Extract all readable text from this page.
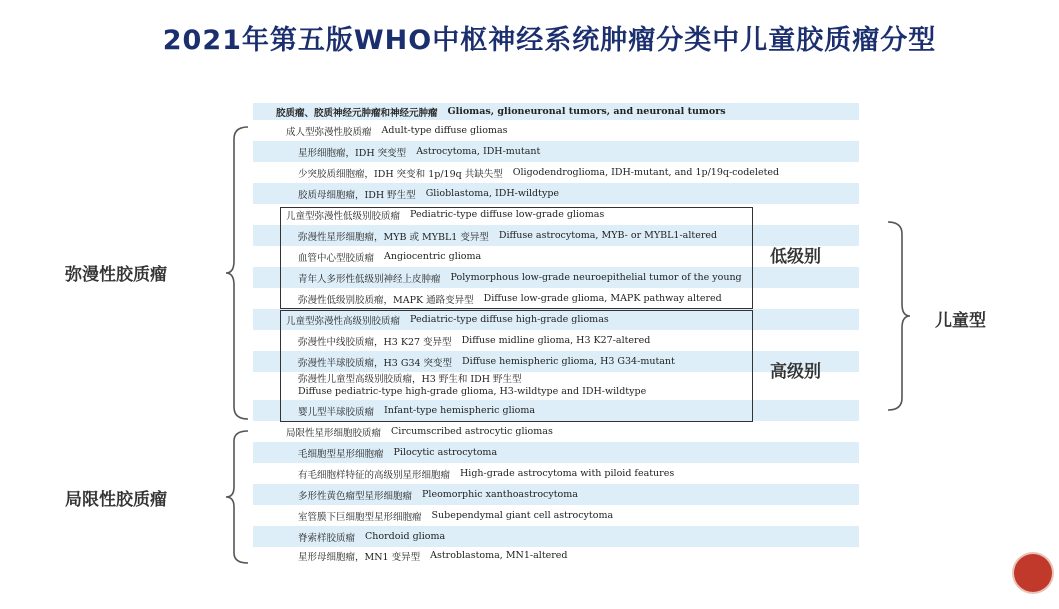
2021年第五版WHO中枢神经系统肿瘤分类中儿童胶质瘤分型
胶质瘤、胶质神经元肿瘤和神经元肿瘤 Gliomas, glioneuronal tumors, and neuronal tumors
成人型弥漫性胶质瘤 Adult-type diffuse gliomas
星形细胞瘤，IDH 突变型 Astrocytoma, IDH-mutant
少突胶质细胞瘤，IDH 突变和 1p/19q 共缺失型 Oligodendroglioma, IDH-mutant, and 1p/19q-codeleted
胶质母细胞瘤，IDH 野生型 Glioblastoma, IDH-wildtype
儿童型弥漫性低级别胶质瘤 Pediatric-type diffuse low-grade gliomas
弥漫性星形细胞瘤，MYB 或 MYBL1 变异型 Diffuse astrocytoma, MYB- or MYBL1-altered
血管中心型胶质瘤 Angiocentric glioma
青年人多形性低级别神经上皮肿瘤 Polymorphous low-grade neuroepithelial tumor of the young
弥漫性低级别胶质瘤，MAPK 通路变异型 Diffuse low-grade glioma, MAPK pathway altered
儿童型弥漫性高级别胶质瘤 Pediatric-type diffuse high-grade gliomas
弥漫性中线胶质瘤，H3 K27 变异型 Diffuse midline glioma, H3 K27-altered
弥漫性半球胶质瘤，H3 G34 突变型 Diffuse hemispheric glioma, H3 G34-mutant
弥漫性儿童型高级别胶质瘤，H3 野生和 IDH 野生型
Diffuse pediatric-type high-grade glioma, H3-wildtype and IDH-wildtype
婴儿型半球胶质瘤 Infant-type hemispheric glioma
局限性星形细胞胶质瘤 Circumscribed astrocytic gliomas
毛细胞型星形细胞瘤 Pilocytic astrocytoma
有毛细胞样特征的高级别星形细胞瘤 High-grade astrocytoma with piloid features
多形性黄色瘤型星形细胞瘤 Pleomorphic xanthoastrocytoma
室管膜下巨细胞型星形细胞瘤 Subependymal giant cell astrocytoma
脊索样胶质瘤 Chordoid glioma
星形母细胞瘤，MN1 变异型 Astroblastoma, MN1-altered
弥漫性胶质瘤
局限性胶质瘤
低级别
高级别
儿童型
